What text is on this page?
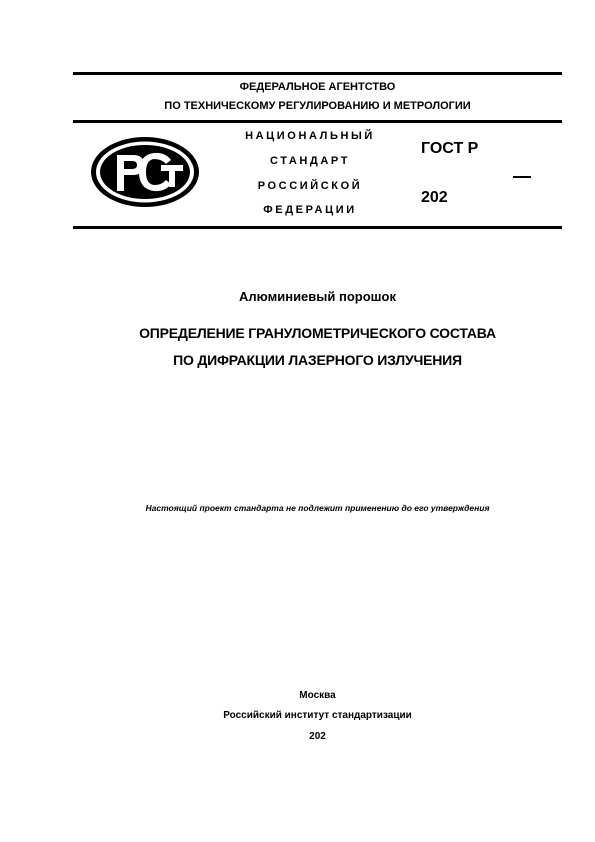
ФЕДЕРАЛЬНОЕ АГЕНТСТВО
ПО ТЕХНИЧЕСКОМУ РЕГУЛИРОВАНИЮ И МЕТРОЛОГИИ
НАЦИОНАЛЬНЫЙ
СТАНДАРТ
РОССИЙСКОЙ
ФЕДЕРАЦИИ
ГОСТ Р
202
Алюминиевый порошок
ОПРЕДЕЛЕНИЕ ГРАНУЛОМЕТРИЧЕСКОГО СОСТАВА
ПО ДИФРАКЦИИ ЛАЗЕРНОГО ИЗЛУЧЕНИЯ
Настоящий проект стандарта не подлежит применению до его утверждения
Москва
Российский институт стандартизации
202
